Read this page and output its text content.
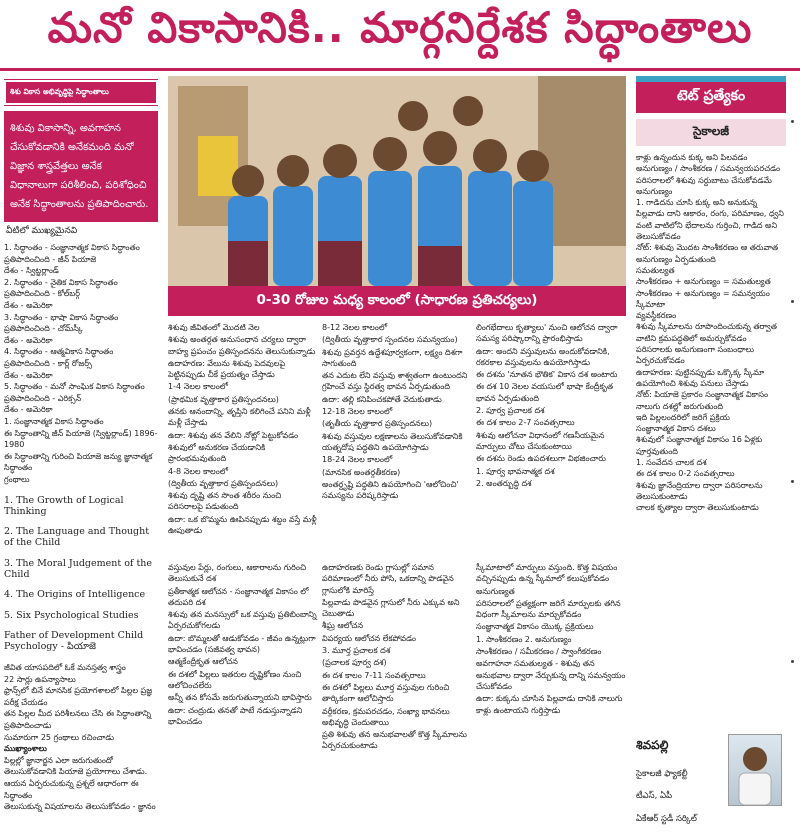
మనో వికాసానికి.. మార్గనిర్దేశక సిద్ధాంతాలు
శిశు వికాస అభివృద్ధిపై సిద్ధాంతాలు
శిశువు వికాసాన్ని, అవగాహన చేసుకోవడానికి అనేకమంది మనో విజ్ఞాన శాస్త్రవేత్తలు అనేక విధానాలుగా పరిశీలించి, పరిశోధించి అనేక సిద్ధాంతాలను ప్రతిపాదించారు.
వీటిలో ముఖ్యమైనవి

1. సిద్ధాంతం - సంజ్ఞానాత్మక వికాస సిద్ధాంతం

ప్రతిపాదించింది - జీన్ పియాజె

దేశం - స్విట్జర్లాండ్

2. సిద్ధాంతం - నైతిక వికాస సిద్ధాంతం

ప్రతిపాదించింది - కోల్‌బర్గ్

దేశం - అమెరికా

3. సిద్ధాంతం - భాషా వికాస సిద్ధాంతం

ప్రతిపాదించింది - చోమ్‌స్కీ

దేశం - అమెరికా

4. సిద్ధాంతం - ఆత్మవికాస సిద్ధాంతం

ప్రతిపాదించింది - కార్ల్ రోజర్స్

దేశం - అమెరికా

5. సిద్ధాంతం - మనో సాంఘిక వికాస సిద్ధాంతం

ప్రతిపాదించింది - ఎరిక్సన్

దేశం - అమెరికా

1. సంజ్ఞానాత్మక వికాస సిద్ధాంతం

ఈ సిద్ధాంతాన్ని జీన్ పియాజె (స్విట్జర్లాండ్) 1896-1980

ఈ సిద్ధాంతాన్ని గురించి పియాజె జన్యు జ్ఞానాత్మక సిద్ధాంతం

గ్రంథాలు

1. The Growth of Logical Thinking

2. The Language and Thought of the Child

3. The Moral Judgement of the Child

4. The Origins of Intelligence

5. Six Psychological Studies

Father of Development Child Psychology - పియాజె

జీవిత యాసపదిలో ఓకే మనస్తత్వ శాస్త్రం

22 సార్లు ఉపన్యాసాలు

ఫ్రాన్స్‌లో బినే మానసిక ప్రయోగశాలలో పిల్లల ప్రజ్ఞ పరీక్ష చేయడం

తన పిల్లల మీద పరిశీలనలు చేసి ఈ సిద్ధాంతాన్ని ప్రతిపాదించాడు

సుమారుగా 25 గ్రంథాలు రచించాడు

ముఖ్యాంశాలు

పిల్లల్లో జ్ఞానార్జన ఎలా జరుగుతుందో తెలుసుకోవడానికి పియాజె ప్రయోగాలు చేశాడు. ఆయన ఏర్పరుచుకున్న ప్రశ్నలే ఆధారంగా ఈ సిద్ధాంతం

తెలుసుకున్న విషయాలను తెలుసుకోవడం - జ్ఞానం

0-30 రోజుల మధ్య కాలంలో (సాధారణ ప్రతిచర్యలు)

శిశువు జీవితంలో మొదటి నెల

శిశువు అంతర్గత అనుసంధాన చర్యలు ద్వారా బాహ్య ప్రపంచం ప్రతిస్పందనను తెలుసుకున్నాడు

ఉదాహరణ: వేలును శిశువు పెదవులపై పెట్టినప్పుడు చీకే ప్రయత్నం చేస్తాడు

1-4 నెలల కాలంలో

(ప్రాథమిక వృత్తాకార ప్రతిస్పందనలు)

తనకు ఆనందాన్ని, తృప్తిని కలిగించే పనిని మళ్లీ మళ్లీ చేస్తాడు

ఉదా: శిశువు తన వేలిని నోట్లో పెట్టుకోవడం

శిశువులో అనుకరణ చేయడానికి ప్రారంభమవుతుంది

4-8 నెలల కాలంలో

(ద్వితీయ వృత్తాకార ప్రతిస్పందనలు)

శిశువు దృష్టి తన సొంత శరీరం నుంచి పరిసరాలపై పడుతుంది

ఉదా: ఒక బొమ్మను ఊపినప్పుడు శబ్దం వస్తే మళ్లీ ఊపుతాడు

8-12 నెలల కాలంలో

(ద్వితీయ వృత్తాకార స్పందనల సమన్వయం)

శిశువు ప్రవర్తన ఉద్దేశపూర్వకంగా, లక్ష్యం దిశగా సాగుతుంది

తన ఎదుట లేని వస్తువు శాశ్వతంగా ఉంటుందని గ్రహించే వస్తు స్థిరత్వ భావన ఏర్పడుతుంది

ఉదా: తల్లి కనిపించకపోతే వెదుకుతాడు

12-18 నెలల కాలంలో

(తృతీయ వృత్తాకార ప్రతిస్పందనలు)

శిశువు వస్తువుల లక్షణాలను తెలుసుకోవడానికి యత్నదోష పద్ధతిని ఉపయోగిస్తాడు

18-24 నెలల కాలంలో

(మానసిక అంతర్గతీకరణ)

అంతర్దృష్టి పద్ధతిని ఉపయోగించి 'ఆలోచించి' సమస్యను పరిష్కరిస్తాడు

లింగభేదాలు కృత్యాలు' నుంచి ఆలోచన ద్వారా సమస్య పరిష్కారాన్ని ప్రారంభిస్తాడు

ఉదా: అందని వస్తువులను అందుకోవడానికి, రకరకాల వస్తువులను ఉపయోగిస్తాడు

ఈ దశను 'నూతన భౌతిక' వికాస దశ అంటారు

ఈ దశ 10 నెలల వయసులో భాషా కేంద్రీకృత భావన ఏర్పడుతుంది

2. పూర్వ ప్రచాలక దశ

ఈ దశ కాలం 2-7 సంవత్సరాలు

శిశువు ఆలోచనా విధానంలో గణనీయమైన మార్పులు చోటు చేసుకుంటాయి

ఈ దశను రెండు ఉపదశలుగా విభజించారు

1. పూర్వ భావనాత్మక దశ

2. అంతర్బుద్ధి దశ

వస్తువుల పేర్లు, రంగులు, ఆకారాలను గురించి తెలుసుకునే దశ

ప్రతీకాత్మక ఆలోచన - సంజ్ఞానాత్మక వికాసం లో తదుపరి దశ

శిశువు తన మనస్సులో ఒక వస్తువు ప్రతిబింబాన్ని ఏర్పరచుకోగలడు

ఉదా: బొమ్మలతో ఆడుకోవడం - జీవం ఉన్నట్లుగా భావించడం (సజీవత్వ భావన)

ఆత్మకేంద్రీకృత ఆలోచన

ఈ దశలో పిల్లలు ఇతరుల దృష్టికోణం నుంచి ఆలోచించలేరు

అన్నీ తన కోసమే జరుగుతున్నాయని భావిస్తారు

ఉదా: చంద్రుడు తనతో పాటే నడుస్తున్నాడని భావించడం

ఉదాహరణకు రెండు గ్లాసుల్లో సమాన పరిమాణంలో నీరు పోసి, ఒకదాన్ని పొడవైన గ్లాసులోకి మారిస్తే

పిల్లవాడు పొడవైన గ్లాసులో నీరు ఎక్కువ అని చెబుతాడు

శీఘ్ర ఆలోచన

విపర్యయ ఆలోచన లేకపోవడం

3. మూర్త ప్రచాలక దశ

(ప్రచాలక పూర్వ దశ)

ఈ దశ కాలం 7-11 సంవత్సరాలు

ఈ దశలో పిల్లలు మూర్త వస్తువుల గురించి తార్కికంగా ఆలోచిస్తారు

వర్గీకరణ, క్రమపరచడం, సంఖ్యా భావనలు అభివృద్ధి చెందుతాయి

ప్రతి శిశువు తన అనుభవాలతో కొత్త స్కీమాలను ఏర్పరచుకుంటాడు

స్కీమాటాలో మార్పులు వస్తుంది. కొత్త విషయం వచ్చినప్పుడు ఉన్న స్కీమాలో కలుపుకోవడం

అనుగుణ్యత

పరిసరాలలో ప్రత్యక్షంగా జరిగే మార్పులకు తగిన విధంగా స్కీమాలను మార్చుకోవడం

సంజ్ఞానాత్మక వికాసం యొక్క ప్రక్రియలు

1. సాంశీకరణం 2. అనుగుణ్యం

సాంశీకరణం / సమీకరణం / స్వాంగీకరణం

అవగాహనా సమతుల్యత - శిశువు తన అనుభవాల ద్వారా నేర్చుకున్న దాన్ని సమన్వయం చేసుకోవడం

ఉదా: కుక్కను చూసిన పిల్లవాడు దానికి నాలుగు కాళ్లు ఉంటాయని గుర్తిస్తాడు

టెట్ ప్రత్యేకం
సైకాలజీ

కాళ్లు ఉన్నందున కుక్క అని పిలవడం

అనుగుణ్యం / సాంశీకరణ / సమన్వయపరచడం

పరిసరాలలో శిశువు సర్దుబాటు చేసుకోవడమే అనుగుణ్యం

1. గాడిదను చూసి కుక్క అని అనుకున్న పిల్లవాడు దాని ఆకారం, రంగు, పరిమాణం, ధ్వని వంటి వాటిలోని భేదాలను గుర్తించి, గాడిద అని తెలుసుకోవడం

నోట్: శిశువు మొదట సాంశీకరణం ఆ తరువాత అనుగుణ్యం ఏర్పడుతుంది

సమతుల్యత

సాంశీకరణం + అనుగుణ్యం = సమతుల్యత

సాంశీకరణం + అనుగుణ్యం = సమన్వయం

స్కీమాటా

వ్యవస్థీకరణం

శిశువు స్కీమాలను రూపొందించుకున్న తర్వాత వాటిని క్రమపద్ధతిలో అమర్చుకోవడం

పరిసరాలకు అనుగుణంగా సంబంధాలు ఏర్పరచుకోవడం

ఉదాహరణ: పుట్టినప్పుడు ఒక్కొక్క స్కీమా ఉపయోగించి శిశువు పనులు చేస్తాడు

నోట్: పియాజె ప్రకారం సంజ్ఞానాత్మక వికాసం నాలుగు దశల్లో జరుగుతుంది

ఇది పిల్లలందరిలో జరిగే ప్రక్రియ

సంజ్ఞానాత్మక వికాస దశలు

శిశువులో సంజ్ఞానాత్మక వికాసం 16 ఏళ్లకు పూర్తవుతుంది

1. సంవేదన చాలక దశ

ఈ దశ కాలం 0-2 సంవత్సరాలు

శిశువు జ్ఞానేంద్రియాల ద్వారా పరిసరాలను తెలుసుకుంటాడు

చాలక కృత్యాల ద్వారా తెలుసుకుంటాడు

శివపల్లి

సైకాలజీ ఫ్యాకల్టీ

టీఎస్, ఏపీ

ఏకేఆర్ స్టడీ సర్కిల్
